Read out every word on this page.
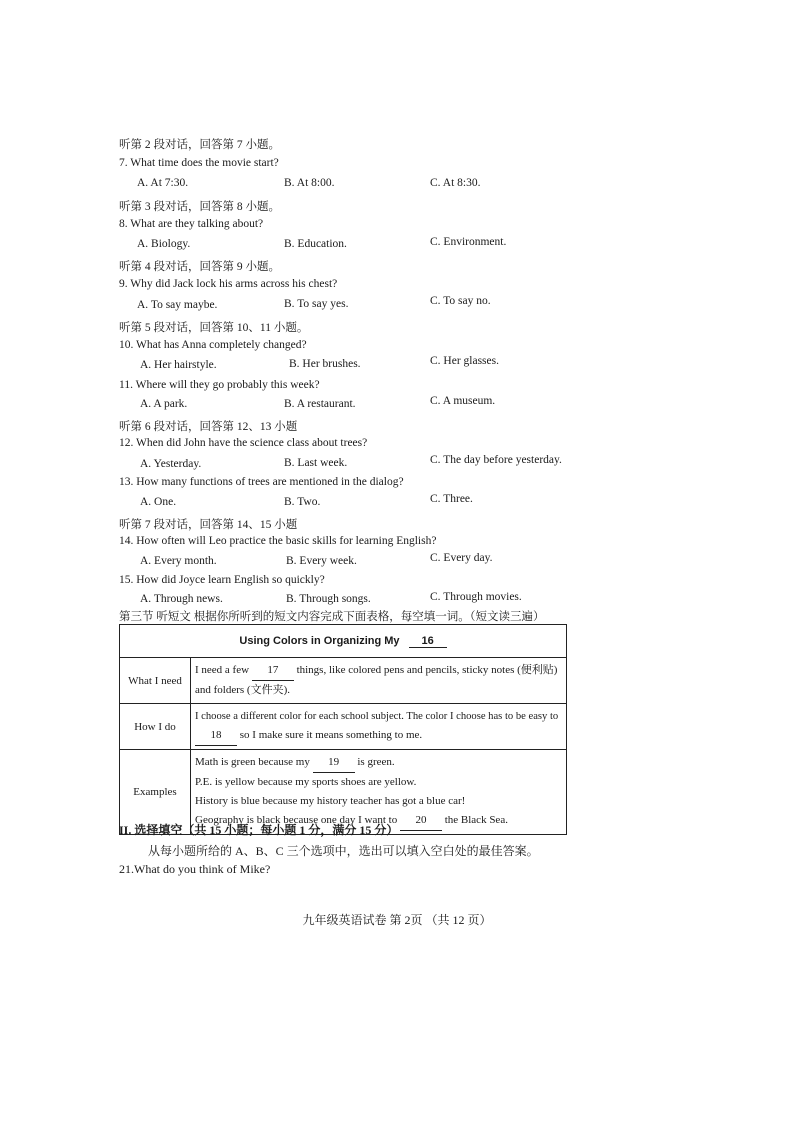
听第 2 段对话，回答第 7 小题。
7. What time does the movie start?
A. At 7:30.	B. At 8:00.	C. At 8:30.
听第 3 段对话，回答第 8 小题。
8. What are they talking about?
A. Biology.	B. Education.	C. Environment.
听第 4 段对话，回答第 9 小题。
9. Why did Jack lock his arms across his chest?
A. To say maybe.	B. To say yes.	C. To say no.
听第 5 段对话，回答第 10、11 小题。
10. What has Anna completely changed?
A. Her hairstyle.	B. Her brushes.	C. Her glasses.
11. Where will they go probably this week?
A. A park.	B. A restaurant.	C. A museum.
听第 6 段对话，回答第 12、13 小题
12. When did John have the science class about trees?
A. Yesterday.	B. Last week.	C. The day before yesterday.
13. How many functions of trees are mentioned in the dialog?
A. One.	B. Two.	C. Three.
听第 7 段对话，回答第 14、15 小题
14. How often will Leo practice the basic skills for learning English?
A. Every month.	B. Every week.	C. Every day.
15. How did Joyce learn English so quickly?
A. Through news.	B. Through songs.	C. Through movies.
第三节 听短文 根据你所听到的短文内容完成下面表格，每空填一词。（短文读三遍）
Using Colors in Organizing My 16	
What I need	I need a few 17 things, like colored pens and pencils, sticky notes (便利贴)
and folders (文件夹).

How I do	I choose a different color for each school subject. The color I choose has to be easy to
18 so I make sure it means something to me.

Examples	Math is green because my 19 is green.
P.E. is yellow because my sports shoes are yellow.
History is blue because my history teacher has got a blue car!
Geography is black because one day I want to 20 the Black Sea.
II. 选择填空（共 15 小题；每小题 1 分，满分 15 分）
从每小题所给的 A、B、C 三个选项中，选出可以填入空白处的最佳答案。
21.What do you think of Mike?
九年级英语试卷 第 2页 （共 12 页）
